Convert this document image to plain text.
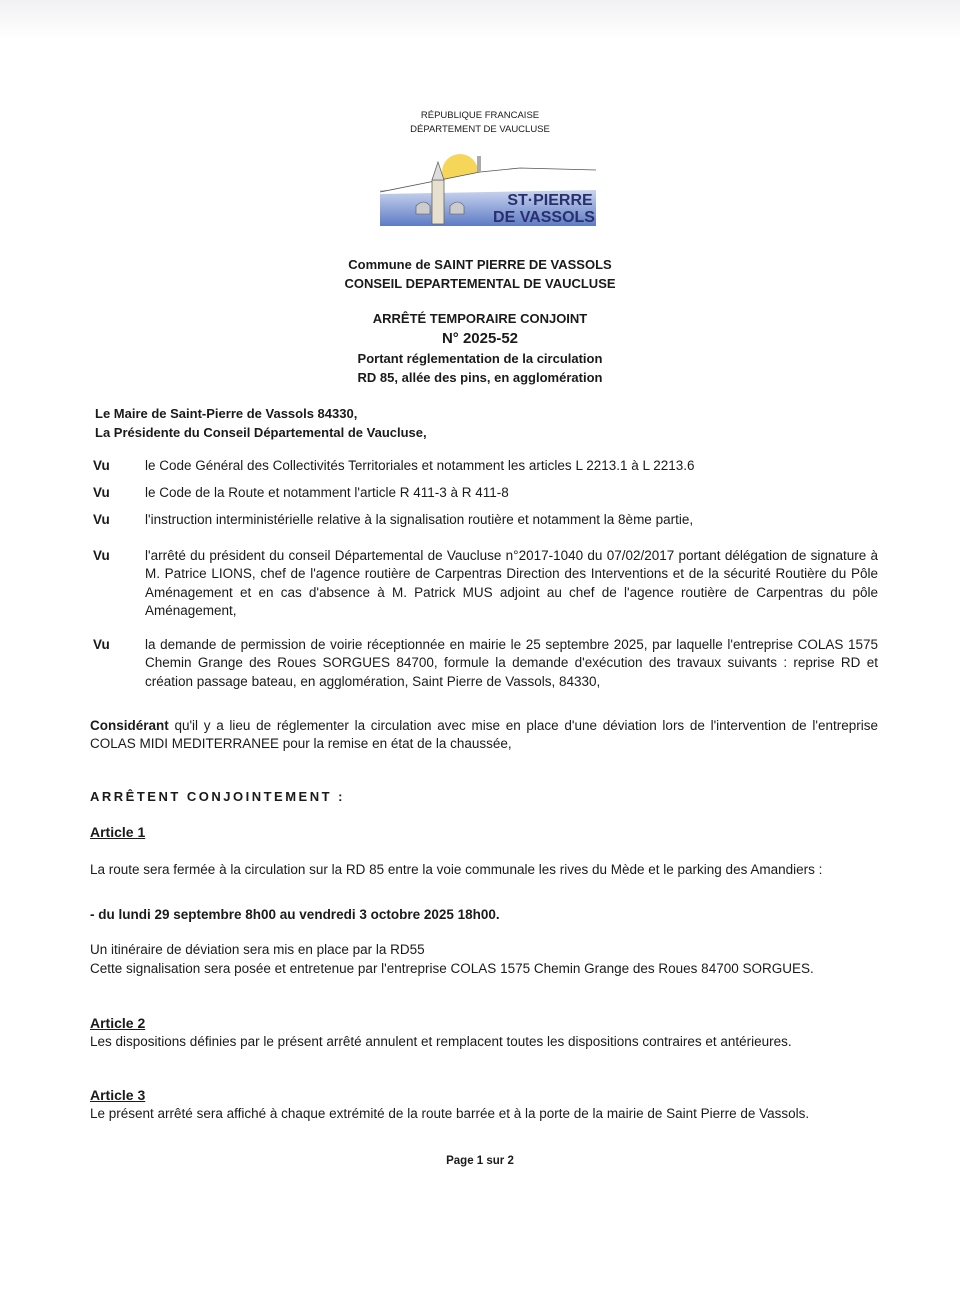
RÉPUBLIQUE FRANCAISE
DÉPARTEMENT DE VAUCLUSE
ST·PIERRE
DE VASSOLS
Commune de SAINT PIERRE DE VASSOLS
CONSEIL DEPARTEMENTAL DE VAUCLUSE
ARRÊTÉ TEMPORAIRE CONJOINT
N° 2025-52
Portant réglementation de la circulation
RD 85, allée des pins, en agglomération
Le Maire de Saint-Pierre de Vassols 84330,
La Présidente du Conseil Départemental de Vaucluse,
Vu	le Code Général des Collectivités Territoriales et notamment les articles L 2213.1 à L 2213.6
Vu	le Code de la Route et notamment l'article R 411-3 à R 411-8
Vu	l'instruction interministérielle relative à la signalisation routière et notamment la 8ème partie,
Vu	l'arrêté du président du conseil Départemental de Vaucluse n°2017-1040 du 07/02/2017 portant délégation de signature à M. Patrice LIONS, chef de l'agence routière de Carpentras Direction des Interventions et de la sécurité Routière du Pôle Aménagement et en cas d'absence à M. Patrick MUS adjoint au chef de l'agence routière de Carpentras du pôle Aménagement,
Vu	la demande de permission de voirie réceptionnée en mairie le 25 septembre 2025, par laquelle l'entreprise COLAS 1575 Chemin Grange des Roues SORGUES 84700, formule la demande d'exécution des travaux suivants : reprise RD et création passage bateau, en agglomération, Saint Pierre de Vassols, 84330,
Considérant qu'il y a lieu de réglementer la circulation avec mise en place d'une déviation lors de l'intervention de l'entreprise COLAS MIDI MEDITERRANEE pour la remise en état de la chaussée,
ARRÊTENT CONJOINTEMENT :
Article 1
La route sera fermée à la circulation sur la RD 85 entre la voie communale les rives du Mède et le parking des Amandiers :
- du lundi 29 septembre 8h00 au vendredi 3 octobre 2025 18h00.
Un itinéraire de déviation sera mis en place par la RD55
Cette signalisation sera posée et entretenue par l'entreprise COLAS 1575 Chemin Grange des Roues 84700 SORGUES.
Article 2
Les dispositions définies par le présent arrêté annulent et remplacent toutes les dispositions contraires et antérieures.
Article 3
Le présent arrêté sera affiché à chaque extrémité de la route barrée et à la porte de la mairie de Saint Pierre de Vassols.
Page 1 sur 2
